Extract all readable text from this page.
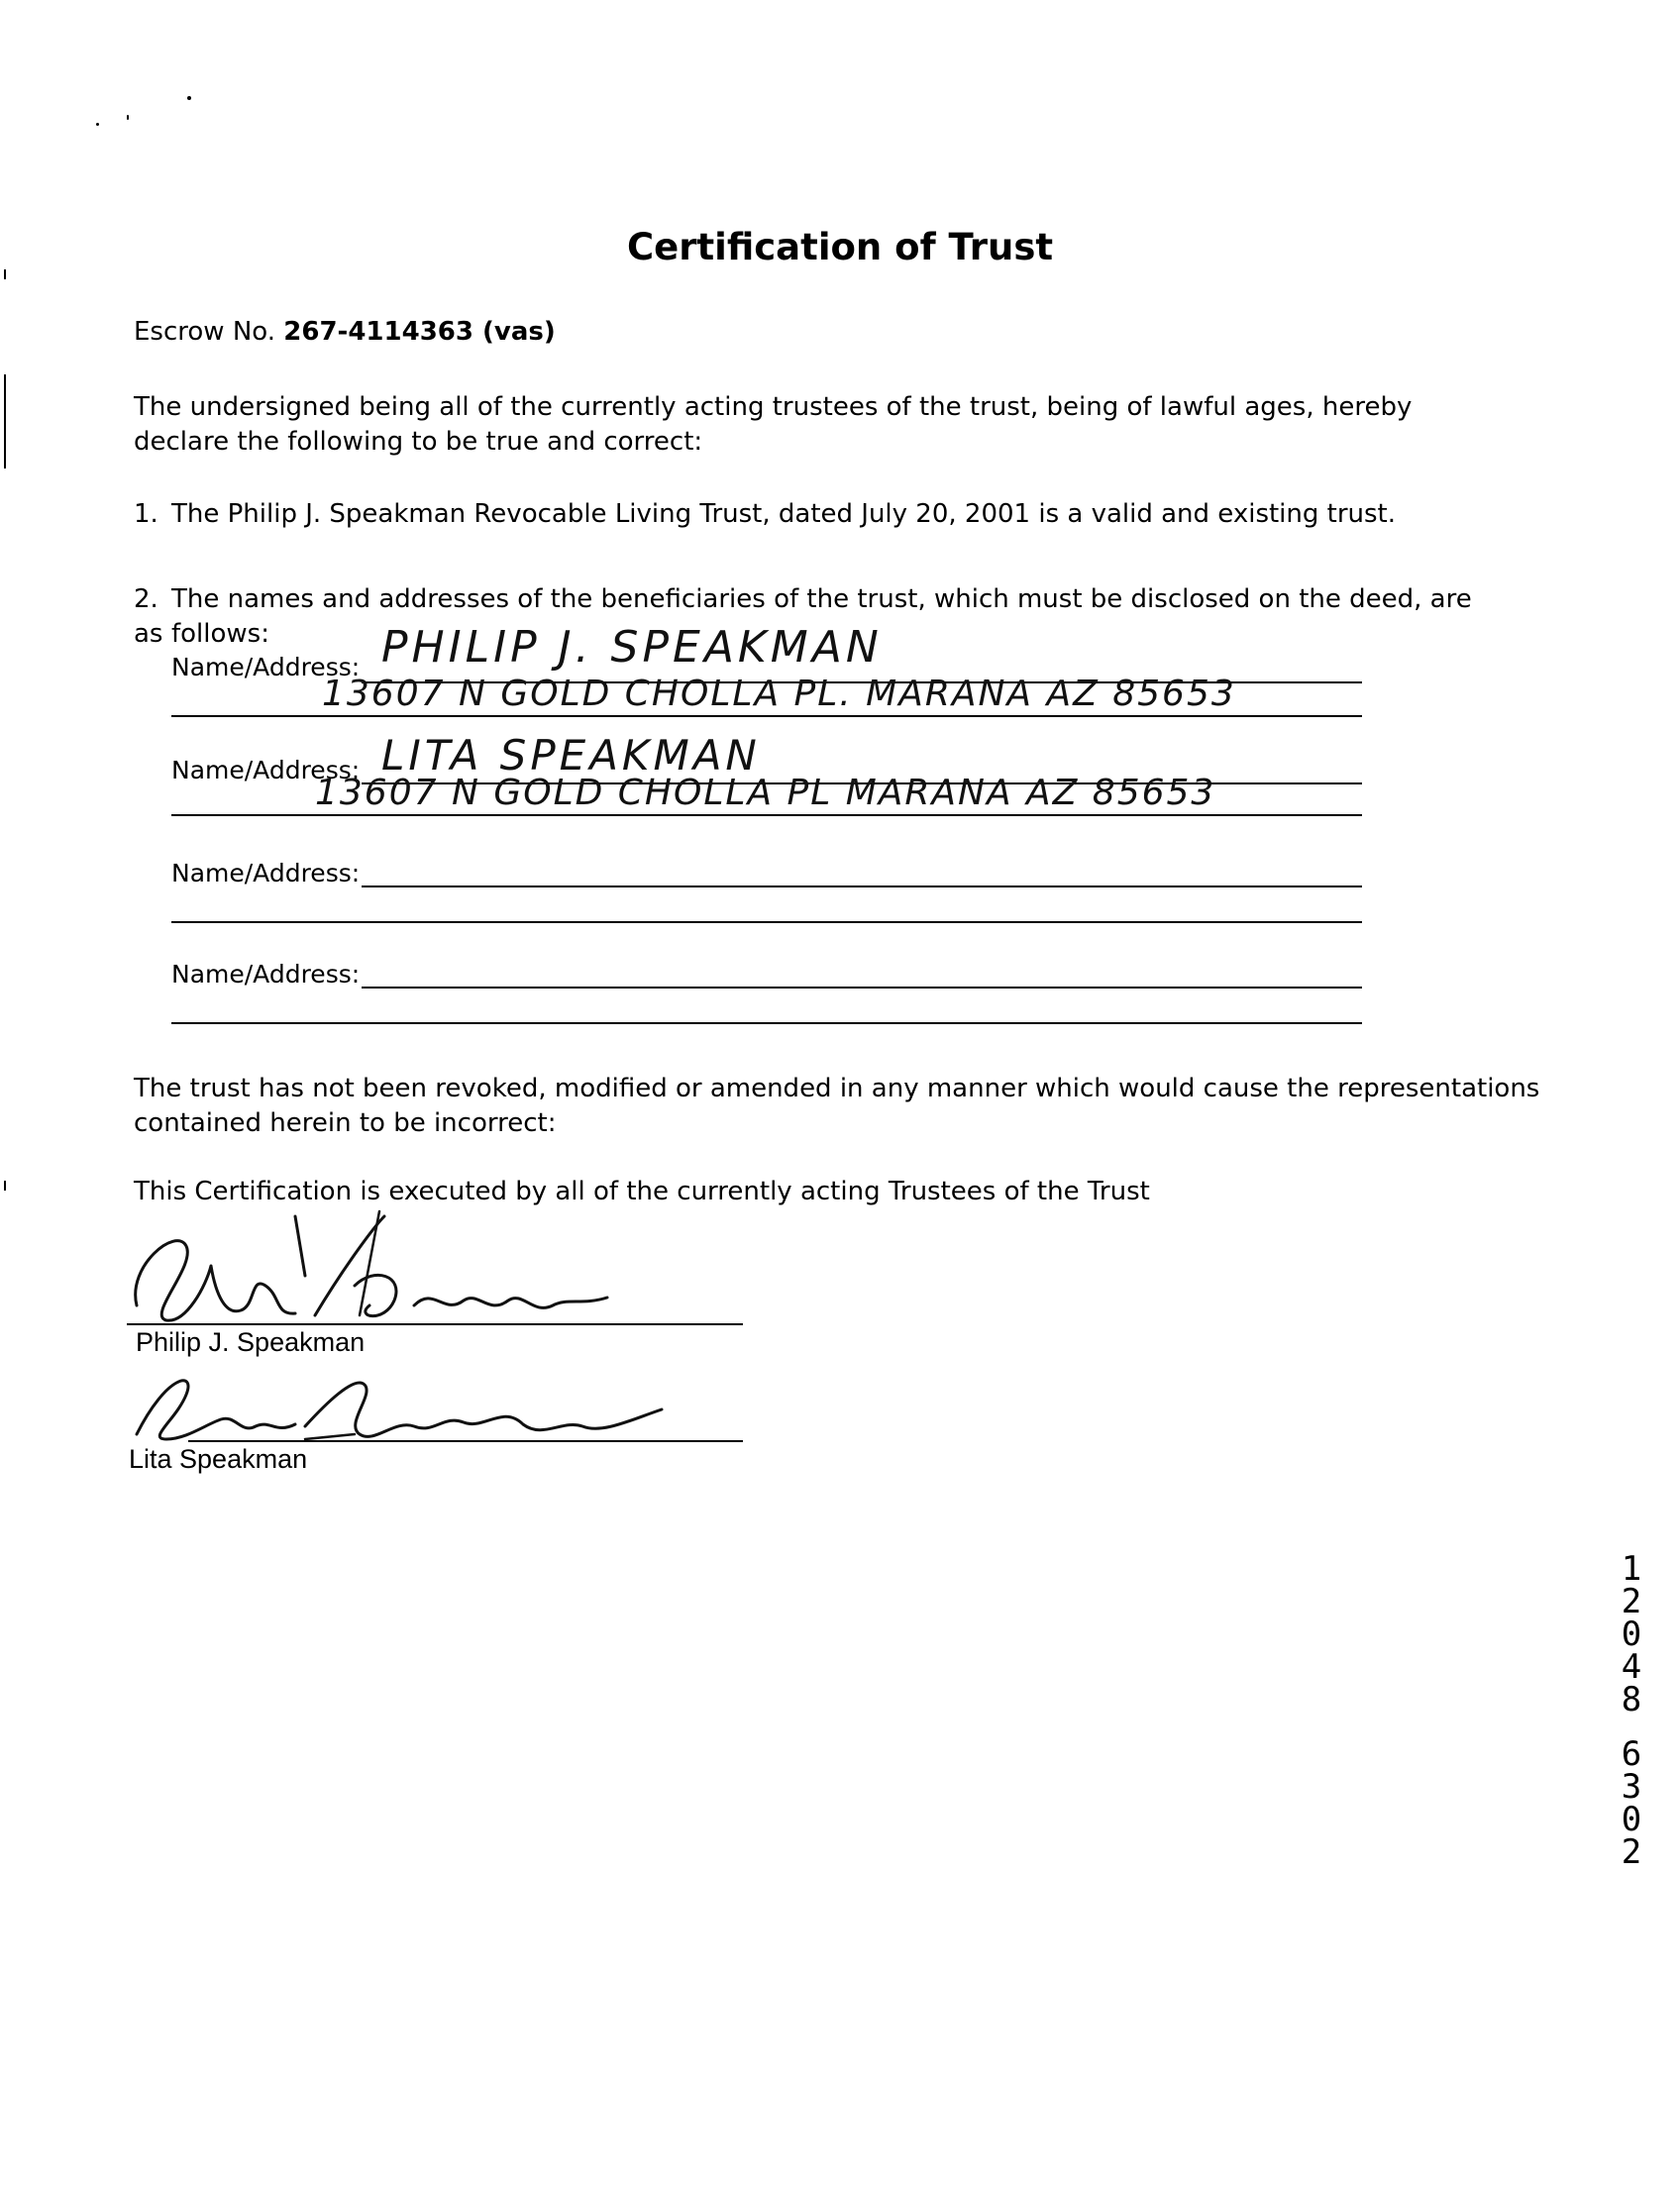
Certification of Trust
Escrow No. 267-4114363 (vas)
The undersigned being all of the currently acting trustees of the trust, being of lawful ages, hereby declare the following to be true and correct:
1. The Philip J. Speakman Revocable Living Trust, dated July 20, 2001 is a valid and existing trust.
2. The names and addresses of the beneficiaries of the trust, which must be disclosed on the deed, are as follows:
Name/Address: PHILIP J. SPEAKMAN
13607 N GOLD CHOLLA PL. MARANA AZ 85653
Name/Address: LITA SPEAKMAN
13607 N GOLD CHOLLA PL MARANA AZ 85653
Name/Address:
Name/Address:
The trust has not been revoked, modified or amended in any manner which would cause the representations contained herein to be incorrect:
This Certification is executed by all of the currently acting Trustees of the Trust
Philip J. Speakman
Lita Speakman
1
2
0
4
8
6
3
0
2
